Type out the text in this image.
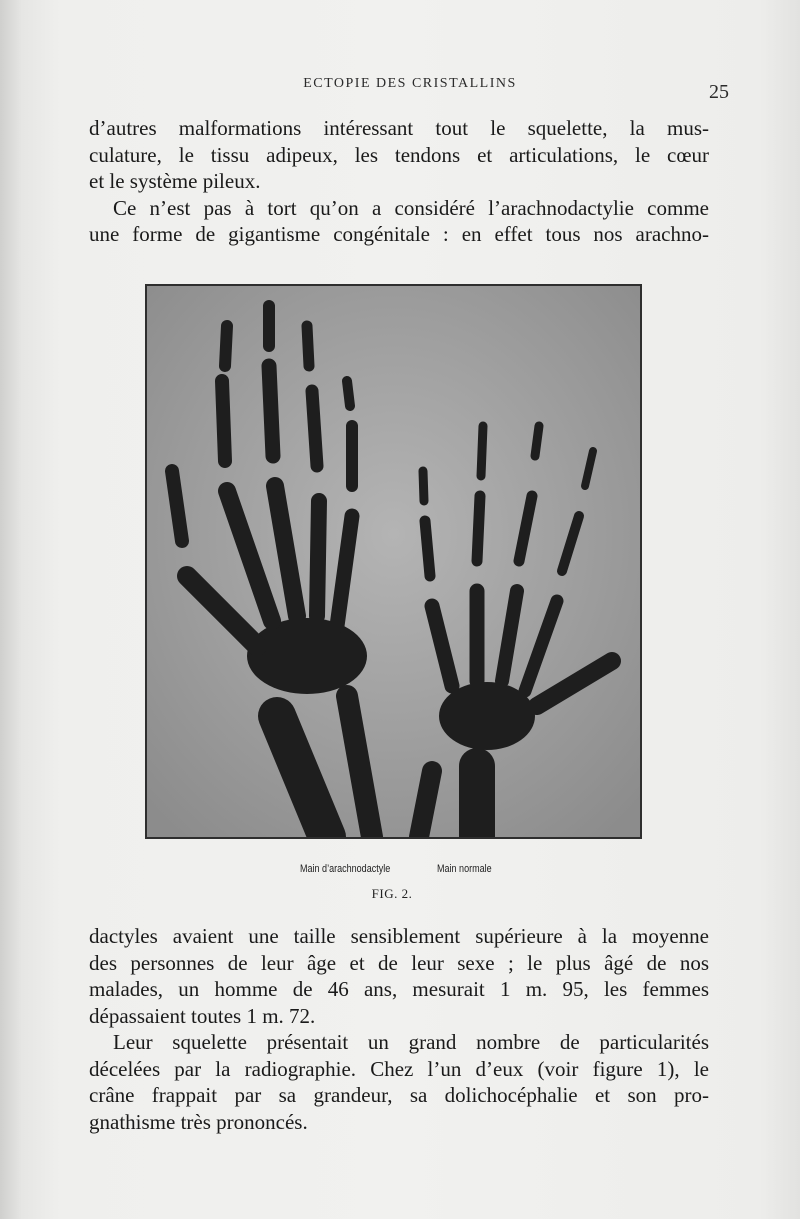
ECTOPIE DES CRISTALLINS	25
d’autres malformations intéressant tout le squelette, la mus-
culature, le tissu adipeux, les tendons et articulations, le cœur
et le système pileux.
Ce n’est pas à tort qu’on a considéré l’arachnodactylie comme
une forme de gigantisme congénitale : en effet tous nos arachno-
Main d’arachnodactyle	Main normale
FIG. 2.
dactyles avaient une taille sensiblement supérieure à la moyenne
des personnes de leur âge et de leur sexe ; le plus âgé de nos
malades, un homme de 46 ans, mesurait 1 m. 95, les femmes
dépassaient toutes 1 m. 72.
Leur squelette présentait un grand nombre de particularités
décelées par la radiographie. Chez l’un d’eux (voir figure 1), le
crâne frappait par sa grandeur, sa dolichocéphalie et son pro-
gnathisme très prononcés.
